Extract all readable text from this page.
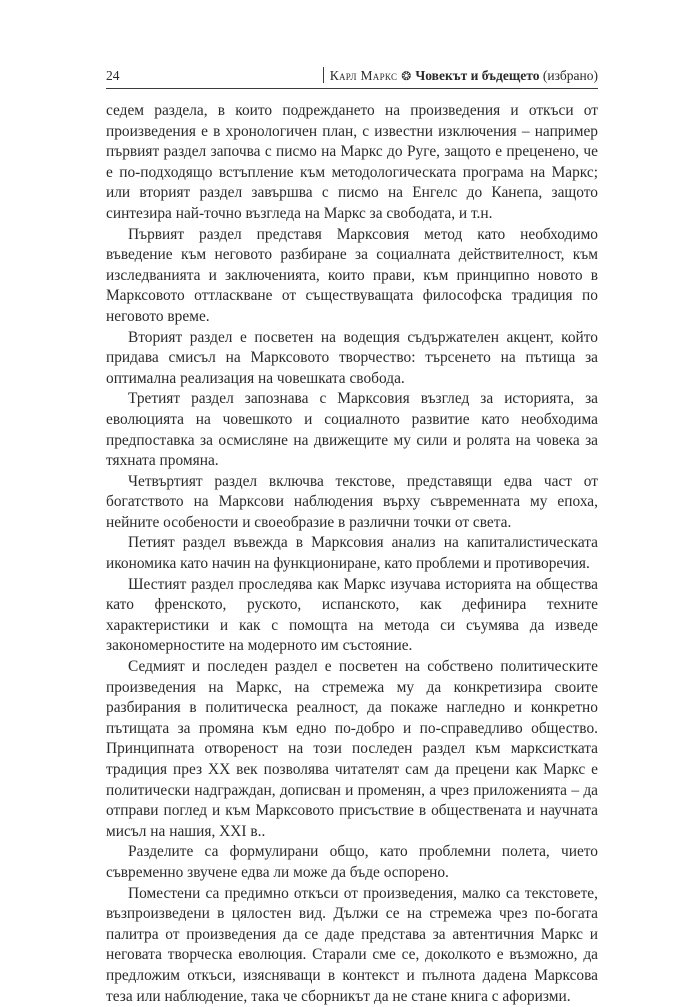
24	Карл Маркс ❂ Човекът и бъдещето (избрано)

седем раздела, в които подреждането на произведения и откъси от произведения е в хронологичен план, с известни изключения – например първият раздел започва с писмо на Маркс до Руге, защото е преценено, че е по-подходящо встъпление към методологическата програма на Маркс; или вторият раздел завършва с писмо на Енгелс до Канепа, защото синтезира най-точно възгледа на Маркс за свободата, и т.н.

Първият раздел представя Марксовия метод като необходимо въведение към неговото разбиране за социалната действителност, към изследванията и заключенията, които прави, към принципно новото в Марксовото оттласкване от съществуващата философска традиция по неговото време.

Вторият раздел е посветен на водещия съдържателен акцент, който придава смисъл на Марксовото творчество: търсенето на пътища за оптимална реализация на човешката свобода.

Третият раздел запознава с Марксовия възглед за историята, за еволюцията на човешкото и социалното развитие като необходима предпоставка за осмисляне на движещите му сили и ролята на човека за тяхната промяна.

Четвъртият раздел включва текстове, представящи едва част от богатството на Марксови наблюдения върху съвременната му епоха, нейните особености и своеобразие в различни точки от света.

Петият раздел въвежда в Марксовия анализ на капиталистическата икономика като начин на функциониране, като проблеми и противоречия.

Шестият раздел проследява как Маркс изучава историята на общества като френското, руското, испанското, как дефинира техните характеристики и как с помощта на метода си съумява да изведе закономерностите на модерното им състояние.

Седмият и последен раздел е посветен на собствено политическите произведения на Маркс, на стремежа му да конкретизира своите разбирания в политическа реалност, да покаже нагледно и конкретно пътищата за промяна към едно по-добро и по-справедливо общество. Принципната отвореност на този последен раздел към марксистката традиция през XX век позволява читателят сам да прецени как Маркс е политически надграждан, дописван и променян, а чрез приложенията – да отправи поглед и към Марксовото присъствие в обществената и научната мисъл на нашия, XXI в..

Разделите са формулирани общо, като проблемни полета, чието съвременно звучене едва ли може да бъде оспорено.

Поместени са предимно откъси от произведения, малко са текстовете, възпроизведени в цялостен вид. Дължи се на стремежа чрез по-богата палитра от произведения да се даде представа за автентичния Маркс и неговата творческа еволюция. Старали сме се, доколкото е възможно, да предложим откъси, изясняващи в контекст и пълнота дадена Марксова теза или наблюдение, така че сборникът да не стане книга с афоризми.
